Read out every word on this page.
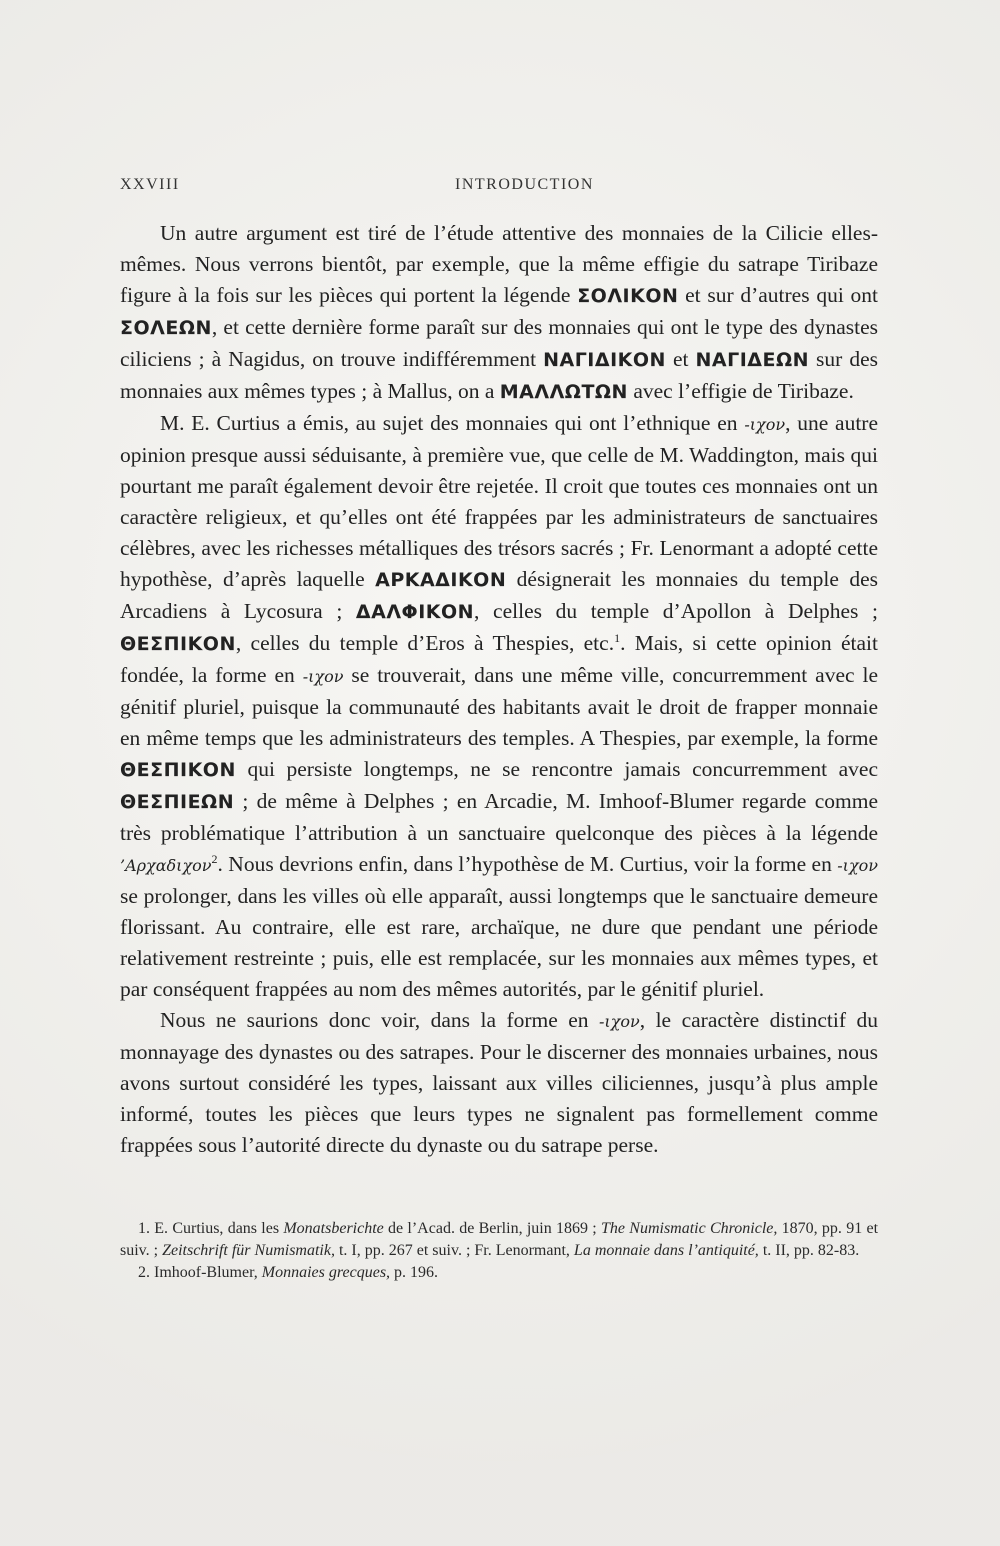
XXVIII	INTRODUCTION

Un autre argument est tiré de l’étude attentive des monnaies de la Cilicie elles-mêmes. Nous verrons bientôt, par exemple, que la même effigie du satrape Tiribaze figure à la fois sur les pièces qui portent la légende ΣΟΛΙΚΟΝ et sur d’autres qui ont ΣΟΛΕΩΝ, et cette dernière forme paraît sur des monnaies qui ont le type des dynastes ciliciens ; à Nagidus, on trouve indifféremment ΝΑΓΙΔΙΚΟΝ et ΝΑΓΙΔΕΩΝ sur des monnaies aux mêmes types ; à Mallus, on a ΜΑΛΛΩΤΩΝ avec l’effigie de Tiribaze.

M. E. Curtius a émis, au sujet des monnaies qui ont l’ethnique en -ιχον, une autre opinion presque aussi séduisante, à première vue, que celle de M. Waddington, mais qui pourtant me paraît également devoir être rejetée. Il croit que toutes ces monnaies ont un caractère religieux, et qu’elles ont été frappées par les administrateurs de sanctuaires célèbres, avec les richesses métalliques des trésors sacrés ; Fr. Lenormant a adopté cette hypothèse, d’après laquelle ΑΡΚΑΔΙΚΟΝ désignerait les monnaies du temple des Arcadiens à Lycosura ; ΔΑΛΦΙΚΟΝ, celles du temple d’Apollon à Delphes ; ΘΕΣΠΙΚΟΝ, celles du temple d’Eros à Thespies, etc.$^1$. Mais, si cette opinion était fondée, la forme en -ιχον se trouverait, dans une même ville, concurremment avec le génitif pluriel, puisque la communauté des habitants avait le droit de frapper monnaie en même temps que les administrateurs des temples. A Thespies, par exemple, la forme ΘΕΣΠΙΚΟΝ qui persiste longtemps, ne se rencontre jamais concurremment avec ΘΕΣΠΙΕΩΝ ; de même à Delphes ; en Arcadie, M. Imhoof-Blumer regarde comme très problématique l’attribution à un sanctuaire quelconque des pièces à la légende ’Αρχαδιχον$^2$. Nous devrions enfin, dans l’hypothèse de M. Curtius, voir la forme en -ιχον se prolonger, dans les villes où elle apparaît, aussi longtemps que le sanctuaire demeure florissant. Au contraire, elle est rare, archaïque, ne dure que pendant une période relativement restreinte ; puis, elle est remplacée, sur les monnaies aux mêmes types, et par conséquent frappées au nom des mêmes autorités, par le génitif pluriel.

Nous ne saurions donc voir, dans la forme en -ιχον, le caractère distinctif du monnayage des dynastes ou des satrapes. Pour le discerner des monnaies urbaines, nous avons surtout considéré les types, laissant aux villes ciliciennes, jusqu’à plus ample informé, toutes les pièces que leurs types ne signalent pas formellement comme frappées sous l’autorité directe du dynaste ou du satrape perse.

1. E. Curtius, dans les Monatsberichte de l’Acad. de Berlin, juin 1869 ; The Numismatic Chronicle, 1870, pp. 91 et suiv. ; Zeitschrift für Numismatik, t. I, pp. 267 et suiv. ; Fr. Lenormant, La monnaie dans l’antiquité, t. II, pp. 82-83.

2. Imhoof-Blumer, Monnaies grecques, p. 196.
